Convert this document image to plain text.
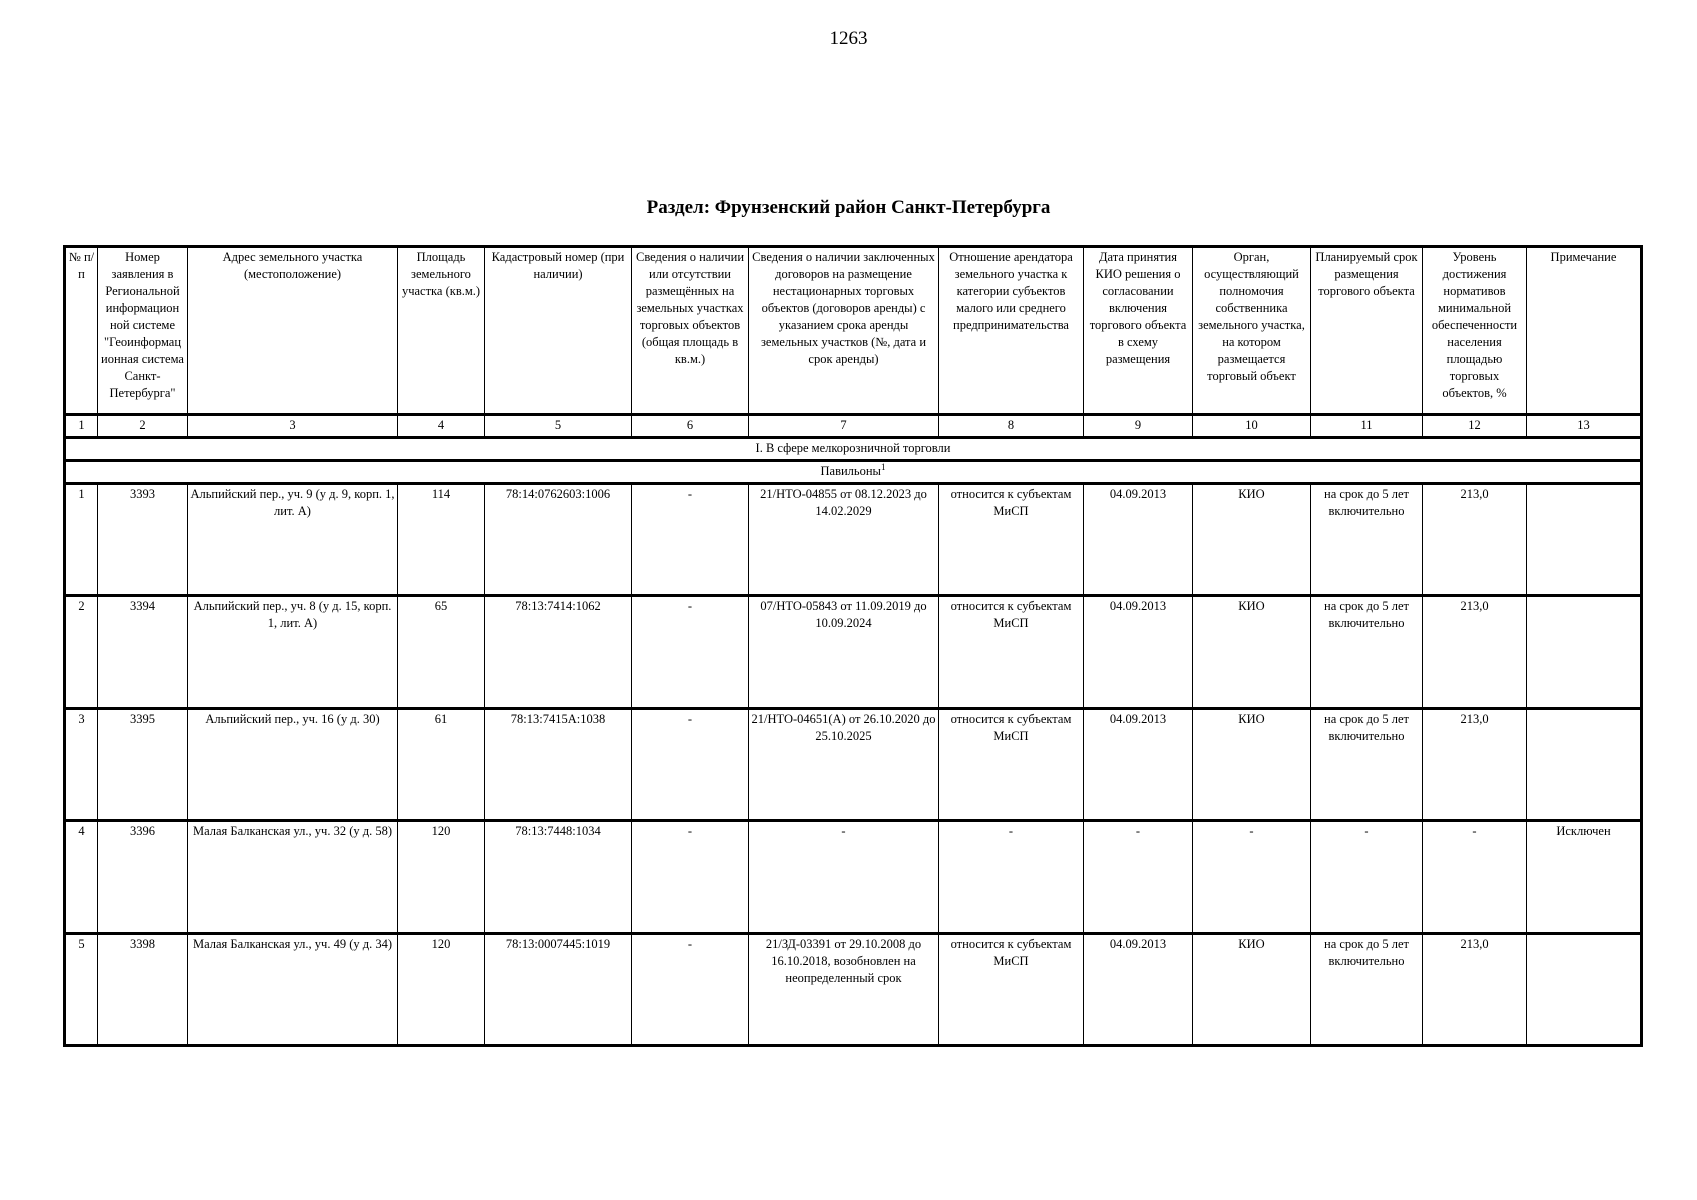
1263
Раздел: Фрунзенский район Санкт-Петербурга
№ п/п	Номер заявления в Региональной информацион ной системе "Геоинформац ионная система Санкт-Петербурга"	Адрес земельного участка (местоположение)	Площадь земельного участка (кв.м.)	Кадастровый номер (при наличии)	Сведения о наличии или отсутствии размещённых на земельных участках торговых объектов (общая площадь в кв.м.)	Сведения о наличии заключенных договоров на размещение нестационарных торговых объектов (договоров аренды) с указанием срока аренды земельных участков (№, дата и срок аренды)	Отношение арендатора земельного участка к категории субъектов малого или среднего предпринимательства	Дата принятия КИО решения о согласовании включения торгового объекта в схему размещения	Орган, осуществляющий полномочия собственника земельного участка, на котором размещается торговый объект	Планируемый срок размещения торгового объекта	Уровень достижения нормативов минимальной обеспеченности населения площадью торговых объектов, %	Примечание
1	2	3	4	5	6	7	8	9	10	11	12	13
I. В сфере мелкорозничной торговли												
Павильоны$^1$
1	3393	Альпийский пер., уч. 9 (у д. 9, корп. 1, лит. А)	114	78:14:0762603:1006	-	21/НТО-04855 от 08.12.2023 до 14.02.2029	относится к субъектам МиСП	04.09.2013	КИО	на срок до 5 лет включительно	213,0	
2	3394	Альпийский пер., уч. 8 (у д. 15, корп. 1, лит. А)	65	78:13:7414:1062	-	07/НТО-05843 от 11.09.2019 до 10.09.2024	относится к субъектам МиСП	04.09.2013	КИО	на срок до 5 лет включительно	213,0	
3	3395	Альпийский пер., уч. 16 (у д. 30)	61	78:13:7415А:1038	-	21/НТО-04651(А) от 26.10.2020 до 25.10.2025	относится к субъектам МиСП	04.09.2013	КИО	на срок до 5 лет включительно	213,0	
4	3396	Малая Балканская ул., уч. 32 (у д. 58)	120	78:13:7448:1034	-	-	-	-	-	-	-	Исключен
5	3398	Малая Балканская ул., уч. 49 (у д. 34)	120	78:13:0007445:1019	-	21/ЗД-03391 от 29.10.2008 до 16.10.2018, возобновлен на неопределенный срок	относится к субъектам МиСП	04.09.2013	КИО	на срок до 5 лет включительно	213,0	
